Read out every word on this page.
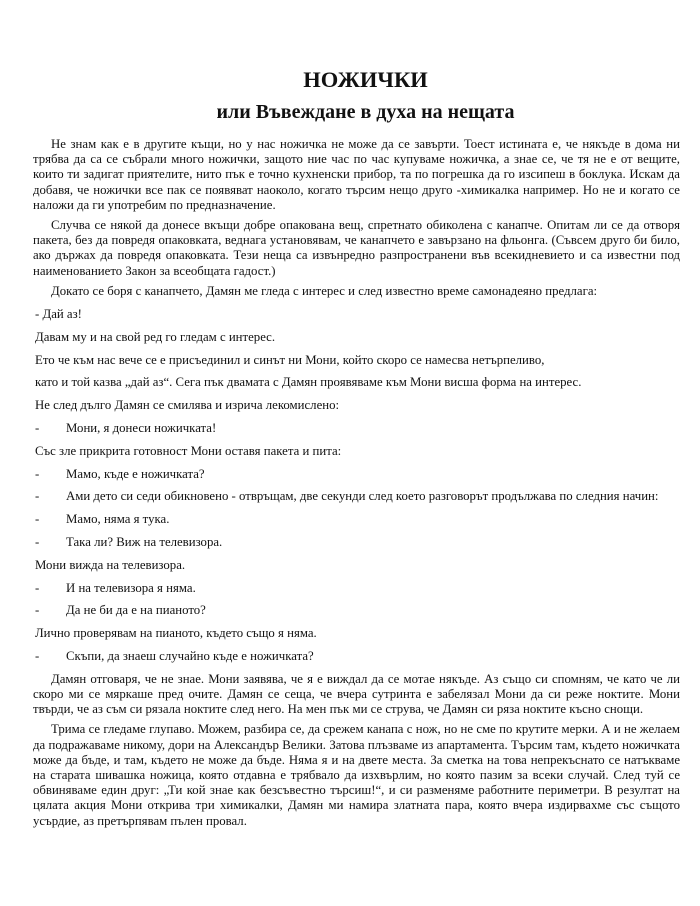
НОЖИЧКИ
или Въвеждане в духа на нещата

Не знам как е в другите къщи, но у нас ножичка не може да се завърти. Тоест истината е, че някъде в дома ни трябва да са се събрали много ножички, защото ние час по час купуваме ножичка, а знае се, че тя не е от вещите, които ти задигат приятелите, нито пък е точно кухненски прибор, та по погрешка да го изсипеш в боклука. Искам да добавя, че ножички все пак се появяват наоколо, когато търсим нещо друго -химикалка например. Но не и когато се наложи да ги употребим по предназначение.

Случва се някой да донесе вкъщи добре опакована вещ, спретнато обиколена с канапче. Опитам ли се да отворя пакета, без да повредя опаковката, веднага установявам, че канапчето е завързано на фльонга. (Съвсем друго би било, ако държах да повредя опаковката. Тези неща са извънредно разпространени във всекидневието и са известни под наименованието Закон за всеобщата гадост.)

Докато се боря с канапчето, Дамян ме гледа с интерес и след известно време самонадеяно предлага:

- Дай аз!

Давам му и на свой ред го гледам с интерес.

Ето че към нас вече се е присъединил и синът ни Мони, който скоро се намесва нетърпеливо,

като и той казва „дай аз“. Сега пък двамата с Дамян проявяваме към Мони висша форма на интерес.

Не след дълго Дамян се смилява и изрича лекомислено:

- Мони, я донеси ножичката!

Със зле прикрита готовност Мони оставя пакета и пита:

- Мамо, къде е ножичката?

- Ами дето си седи обикновено - отвръщам, две секунди след което разговорът продължава по следния начин:

- Мамо, няма я тука.

- Така ли? Виж на телевизора.

Мони вижда на телевизора.

- И на телевизора я няма.

- Да не би да е на пианото?

Лично проверявам на пианото, където също я няма.

- Скъпи, да знаеш случайно къде е ножичката?

Дамян отговаря, че не знае. Мони заявява, че я е виждал да се мотае някъде. Аз също си спомням, че като че ли скоро ми се мяркаше пред очите. Дамян се сеща, че вчера сутринта е забелязал Мони да си реже ноктите. Мони твърди, че аз съм си рязала ноктите след него. На мен пък ми се струва, че Дамян си ряза ноктите късно снощи.

Трима се гледаме глупаво. Можем, разбира се, да срежем канапа с нож, но не сме по крутите мерки. А и не желаем да подражаваме никому, дори на Александър Велики. Затова плъзваме из апартамента. Търсим там, където ножичката може да бъде, и там, където не може да бъде. Няма я и на двете места. За сметка на това непрекъснато се натъкваме на старата шивашка ножица, която отдавна е трябвало да изхвърлим, но която пазим за всеки случай. След туй се обвиняваме един друг: „Ти кой знае как безсъвестно търсиш!“, и си разменяме работните периметри. В резултат на цялата акция Мони открива три химикалки, Дамян ми намира златната пара, която вчера издирвахме със същото усърдие, аз претърпявам пълен провал.
